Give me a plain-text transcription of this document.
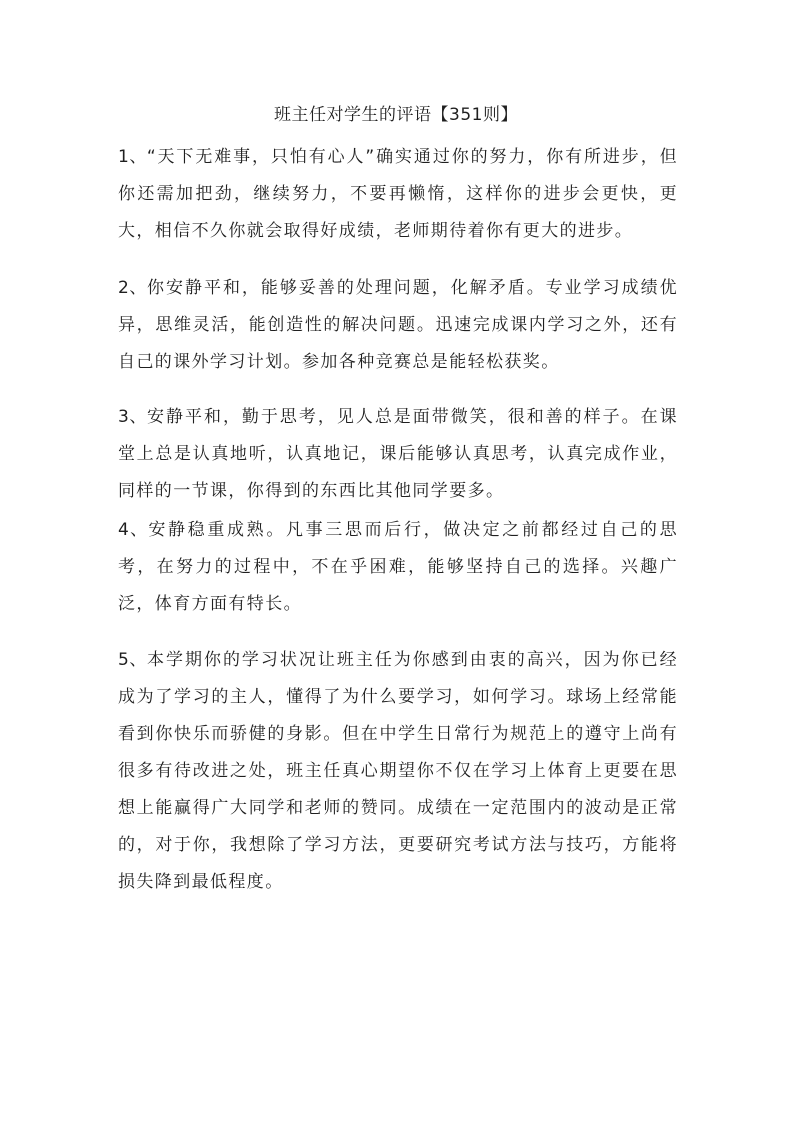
班主任对学生的评语【351则】

1、“天下无难事，只怕有心人”确实通过你的努力，你有所进步，但你还需加把劲，继续努力，不要再懒惰，这样你的进步会更快，更大，相信不久你就会取得好成绩，老师期待着你有更大的进步。

2、你安静平和，能够妥善的处理问题，化解矛盾。专业学习成绩优异，思维灵活，能创造性的解决问题。迅速完成课内学习之外，还有自己的课外学习计划。参加各种竞赛总是能轻松获奖。

3、安静平和，勤于思考，见人总是面带微笑，很和善的样子。在课堂上总是认真地听，认真地记，课后能够认真思考，认真完成作业，同样的一节课，你得到的东西比其他同学要多。

4、安静稳重成熟。凡事三思而后行，做决定之前都经过自己的思考，在努力的过程中，不在乎困难，能够坚持自己的选择。兴趣广泛，体育方面有特长。

5、本学期你的学习状况让班主任为你感到由衷的高兴，因为你已经成为了学习的主人，懂得了为什么要学习，如何学习。球场上经常能看到你快乐而骄健的身影。但在中学生日常行为规范上的遵守上尚有很多有待改进之处，班主任真心期望你不仅在学习上体育上更要在思想上能赢得广大同学和老师的赞同。成绩在一定范围内的波动是正常的，对于你，我想除了学习方法，更要研究考试方法与技巧，方能将损失降到最低程度。
